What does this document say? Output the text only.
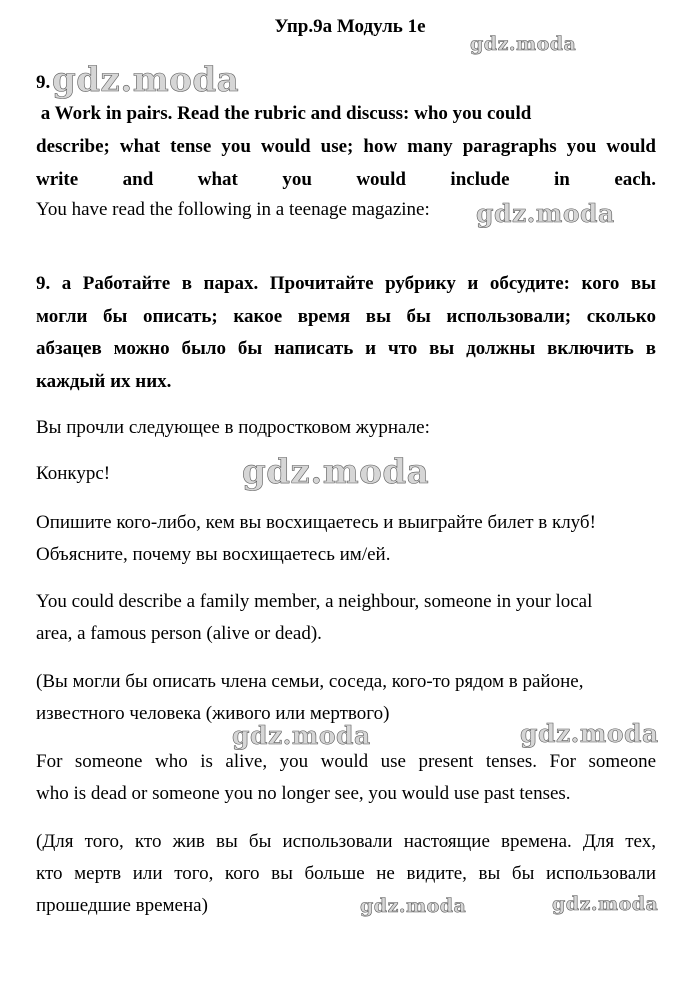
Упр.9а Модуль 1е
gdz.moda
gdz.moda
gdz.moda
gdz.moda
gdz.moda
gdz.moda
gdz.moda	gdz.moda
9.
a Work in pairs. Read the rubric and discuss: who you could
describe; what tense you would use; how many paragraphs you would
write and what you would include in each.
You have read the following in a teenage magazine:
9. а Работайте в парах. Прочитайте рубрику и обсудите: кого вы
могли бы описать; какое время вы бы использовали; сколько
абзацев можно было бы написать и что вы должны включить в
каждый их них.
Вы прочли следующее в подростковом журнале:
Конкурс!
Опишите кого-либо, кем вы восхищаетесь и выиграйте билет в клуб!
Объясните, почему вы восхищаетесь им/ей.
You could describe a family member, a neighbour, someone in your local
area, a famous person (alive or dead).
(Вы могли бы описать члена семьи, соседа, кого-то рядом в районе,
известного человека (живого или мертвого)
For someone who is alive, you would use present tenses. For someone
who is dead or someone you no longer see, you would use past tenses.
(Для того, кто жив вы бы использовали настоящие времена. Для тех,
кто мертв или того, кого вы больше не видите, вы бы использовали
прошедшие времена)
